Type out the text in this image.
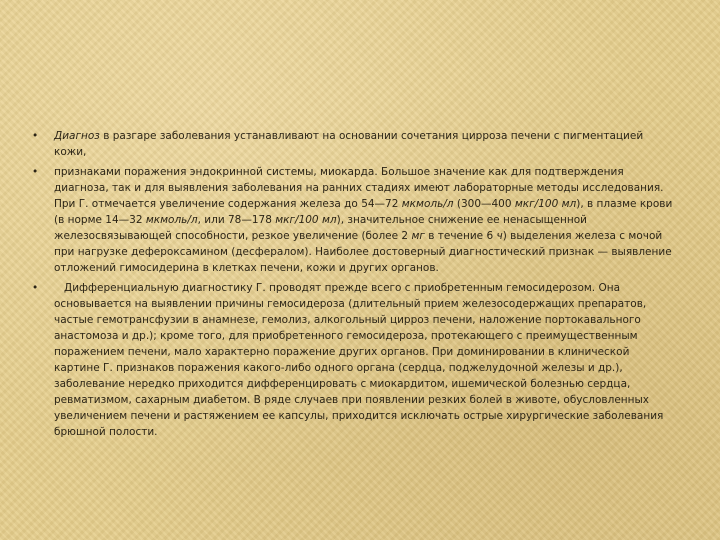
• Диагноз в разгаре заболевания устанавливают на основании сочетания цирроза печени с пигментацией кожи,
• признаками поражения эндокринной системы, миокарда. Большое значение как для подтверждения диагноза, так и для выявления заболевания на ранних стадиях имеют лабораторные методы исследования. При Г. отмечается увеличение содержания железа до 54—72 мкмоль/л (300—400 мкг/100 мл), в плазме крови (в норме 14—32 мкмоль/л, или 78—178 мкг/100 мл), значительное снижение ее ненасыщенной железосвязывающей способности, резкое увеличение (более 2 мг в течение 6 ч) выделения железа с мочой при нагрузке дефероксамином (десфералом). Наиболее достоверный диагностический признак — выявление отложений гимосидерина в клетках печени, кожи и других органов.
• Дифференциальную диагностику Г. проводят прежде всего с приобретенным гемосидерозом. Она основывается на выявлении причины гемосидероза (длительный прием железосодержащих препаратов, частые гемотрансфузии в анамнезе, гемолиз, алкогольный цирроз печени, наложение портокавального анастомоза и др.); кроме того, для приобретенного гемосидероза, протекающего с преимущественным поражением печени, мало характерно поражение других органов. При доминировании в клинической картине Г. признаков поражения какого-либо одного органа (сердца, поджелудочной железы и др.), заболевание нередко приходится дифференцировать с миокардитом, ишемической болезнью сердца, ревматизмом, сахарным диабетом. В ряде случаев при появлении резких болей в животе, обусловленных увеличением печени и растяжением ее капсулы, приходится исключать острые хирургические заболевания брюшной полости.
